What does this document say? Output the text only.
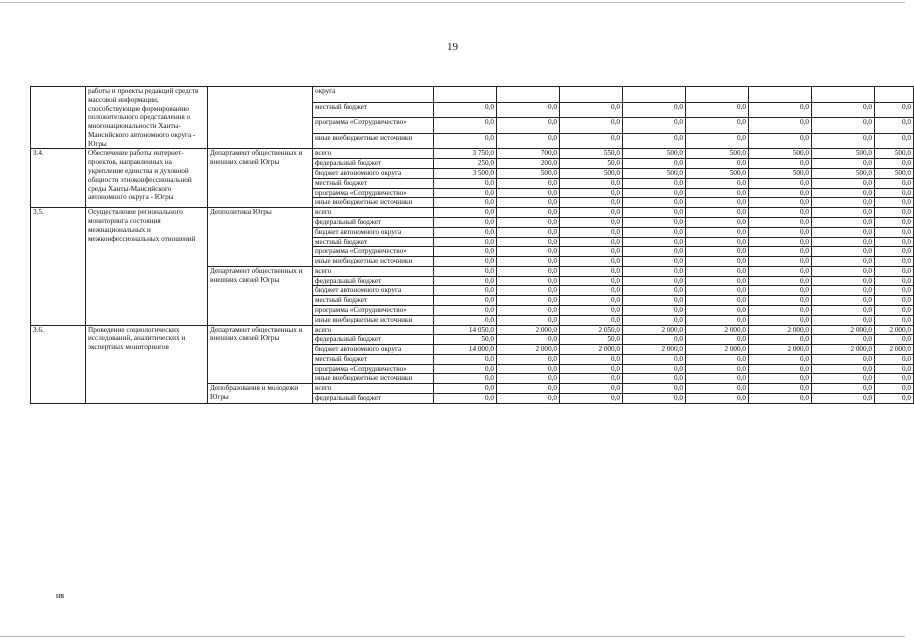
19
	работы и проекты редакций средств массовой информации, способствующие формированию положительного представления о многонациональности Ханты-Мансийского автономного округа - Югры		округа								
			местный бюджет	0,0	0,0	0,0	0,0	0,0	0,0	0,0	0,0
			программа «Сотрудничество»	0,0	0,0	0,0	0,0	0,0	0,0	0,0	0,0
			иные внебюджетные источники	0,0	0,0	0,0	0,0	0,0	0,0	0,0	0,0
3.4.	Обеспечение работы интернет-проектов, направленных на укрепление единства и духовной общности этноконфессиональной среды Ханты-Мансийского автономного округа - Югры	Департамент общественных и внешних связей Югры	всего	3 750,0	700,0	550,0	500,0	500,0	500,0	500,0	500,0
			федеральный бюджет	250,0	200,0	50,0	0,0	0,0	0,0	0,0	0,0
			бюджет автономного округа	3 500,0	500,0	500,0	500,0	500,0	500,0	500,0	500,0
			местный бюджет	0,0	0,0	0,0	0,0	0,0	0,0	0,0	0,0
			программа «Сотрудничество»	0,0	0,0	0,0	0,0	0,0	0,0	0,0	0,0
			иные внебюджетные источники	0,0	0,0	0,0	0,0	0,0	0,0	0,0	0,0
3.5.	Осуществление регионального мониторинга состояния межнациональных и межконфессиональных отношений	Депполитики Югры	всего	0,0	0,0	0,0	0,0	0,0	0,0	0,0	0,0
			федеральный бюджет	0,0	0,0	0,0	0,0	0,0	0,0	0,0	0,0
			бюджет автономного округа	0,0	0,0	0,0	0,0	0,0	0,0	0,0	0,0
			местный бюджет	0,0	0,0	0,0	0,0	0,0	0,0	0,0	0,0
			программа «Сотрудничество»	0,0	0,0	0,0	0,0	0,0	0,0	0,0	0,0
			иные внебюджетные источники	0,0	0,0	0,0	0,0	0,0	0,0	0,0	0,0
		Департамент общественных и внешних связей Югры	всего	0,0	0,0	0,0	0,0	0,0	0,0	0,0	0,0
			федеральный бюджет	0,0	0,0	0,0	0,0	0,0	0,0	0,0	0,0
			бюджет автономного округа	0,0	0,0	0,0	0,0	0,0	0,0	0,0	0,0
			местный бюджет	0,0	0,0	0,0	0,0	0,0	0,0	0,0	0,0
			программа «Сотрудничество»	0,0	0,0	0,0	0,0	0,0	0,0	0,0	0,0
			иные внебюджетные источники	0,0	0,0	0,0	0,0	0,0	0,0	0,0	0,0
3.6.	Проведение социологических исследований, аналитических и экспертных мониторингов	Департамент общественных и внешних связей Югры	всего	14 050,0	2 000,0	2 050,0	2 000,0	2 000,0	2 000,0	2 000,0	2 000,0
			федеральный бюджет	50,0	0,0	50,0	0,0	0,0	0,0	0,0	0,0
			бюджет автономного округа	14 000,0	2 000,0	2 000,0	2 000,0	2 000,0	2 000,0	2 000,0	2 000,0
			местный бюджет	0,0	0,0	0,0	0,0	0,0	0,0	0,0	0,0
			программа «Сотрудничество»	0,0	0,0	0,0	0,0	0,0	0,0	0,0	0,0
			иные внебюджетные источники	0,0	0,0	0,0	0,0	0,0	0,0	0,0	0,0
		Депобразования и молодежи Югры	всего	0,0	0,0	0,0	0,0	0,0	0,0	0,0	0,0
			федеральный бюджет	0,0	0,0	0,0	0,0	0,0	0,0	0,0	0,0
нв
